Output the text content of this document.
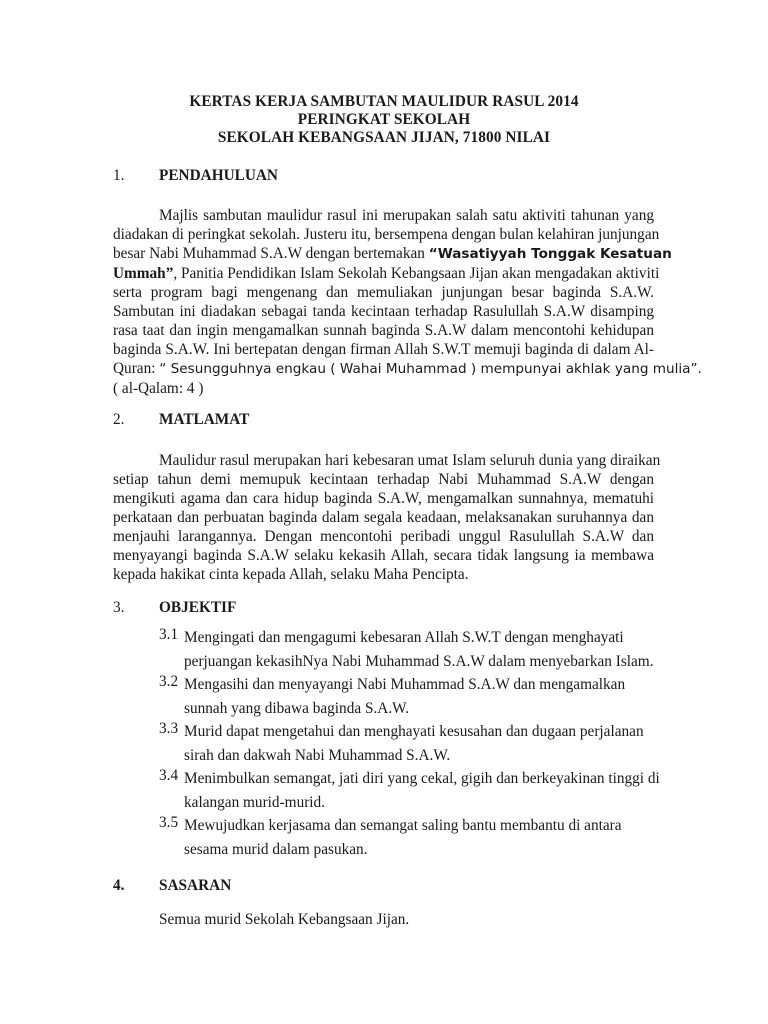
KERTAS KERJA SAMBUTAN MAULIDUR RASUL 2014
PERINGKAT SEKOLAH
SEKOLAH KEBANGSAAN JIJAN, 71800 NILAI
1. PENDAHULUAN
Majlis sambutan maulidur rasul ini merupakan salah satu aktiviti tahunan yang
diadakan di peringkat sekolah. Justeru itu, bersempena dengan bulan kelahiran junjungan
besar Nabi Muhammad S.A.W dengan bertemakan “Wasatiyyah Tonggak Kesatuan
Ummah”, Panitia Pendidikan Islam Sekolah Kebangsaan Jijan akan mengadakan aktiviti
serta program bagi mengenang dan memuliakan junjungan besar baginda S.A.W.
Sambutan ini diadakan sebagai tanda kecintaan terhadap Rasulullah S.A.W disamping
rasa taat dan ingin mengamalkan sunnah baginda S.A.W dalam mencontohi kehidupan
baginda S.A.W. Ini bertepatan dengan firman Allah S.W.T memuji baginda di dalam Al-
Quran: “ Sesungguhnya engkau ( Wahai Muhammad ) mempunyai akhlak yang mulia”.
( al-Qalam: 4 )
2. MATLAMAT
Maulidur rasul merupakan hari kebesaran umat Islam seluruh dunia yang diraikan
setiap tahun demi memupuk kecintaan terhadap Nabi Muhammad S.A.W dengan
mengikuti agama dan cara hidup baginda S.A.W, mengamalkan sunnahnya, mematuhi
perkataan dan perbuatan baginda dalam segala keadaan, melaksanakan suruhannya dan
menjauhi larangannya. Dengan mencontohi peribadi unggul Rasulullah S.A.W dan
menyayangi baginda S.A.W selaku kekasih Allah, secara tidak langsung ia membawa
kepada hakikat cinta kepada Allah, selaku Maha Pencipta.
3. OBJEKTIF
3.1 Mengingati dan mengagumi kebesaran Allah S.W.T dengan menghayati
perjuangan kekasihNya Nabi Muhammad S.A.W dalam menyebarkan Islam.
3.2 Mengasihi dan menyayangi Nabi Muhammad S.A.W dan mengamalkan
sunnah yang dibawa baginda S.A.W.
3.3 Murid dapat mengetahui dan menghayati kesusahan dan dugaan perjalanan
sirah dan dakwah Nabi Muhammad S.A.W.
3.4 Menimbulkan semangat, jati diri yang cekal, gigih dan berkeyakinan tinggi di
kalangan murid-murid.
3.5 Mewujudkan kerjasama dan semangat saling bantu membantu di antara
sesama murid dalam pasukan.
4. SASARAN
Semua murid Sekolah Kebangsaan Jijan.
